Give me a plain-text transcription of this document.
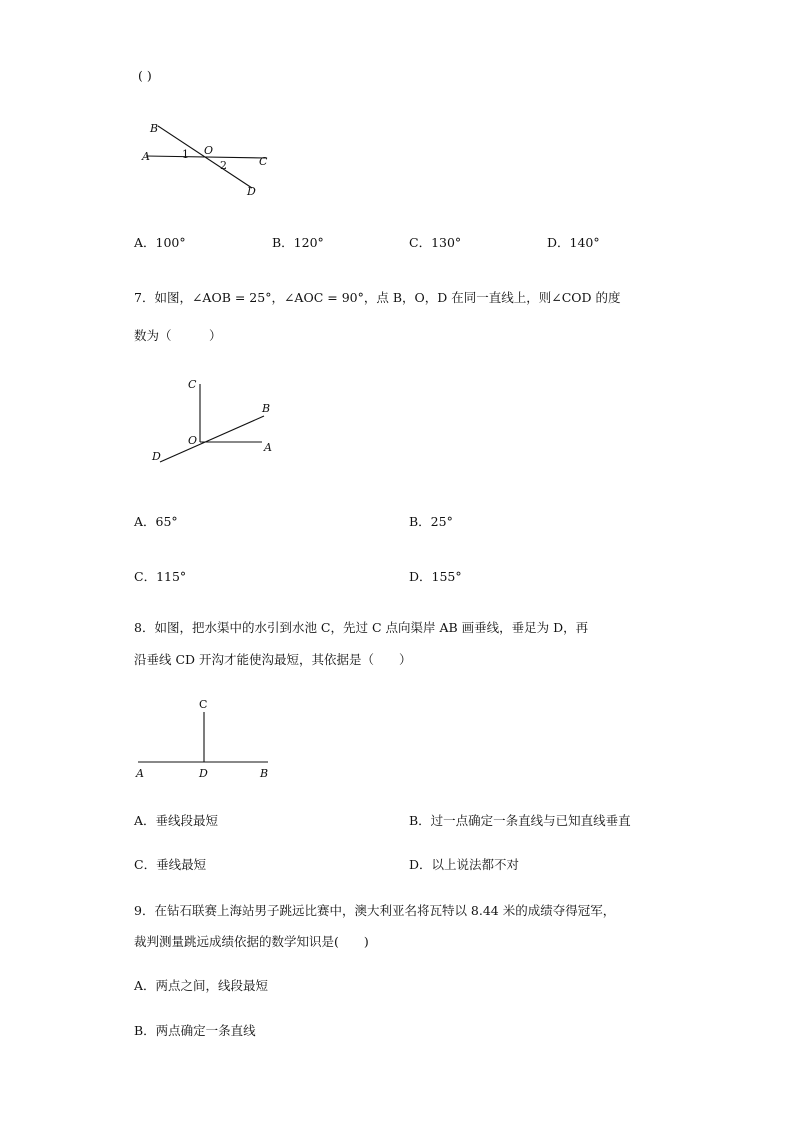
( )
B
A	1 O
2	C
D
A．100°	B．120°	C．130°	D．140°
7．如图，∠AOB = 25°，∠AOC = 90°，点 B，O，D 在同一直线上，则∠COD 的度
数为（　　　）
C
B
O
A
D
A．65°	B．25°
C．115°	D．155°
8．如图，把水渠中的水引到水池 C，先过 C 点向渠岸 AB 画垂线，垂足为 D，再
沿垂线 CD 开沟才能使沟最短，其依据是（　　）
C
A	D	B
A．垂线段最短	B．过一点确定一条直线与已知直线垂直
C．垂线最短	D．以上说法都不对
9．在钻石联赛上海站男子跳远比赛中，澳大利亚名将瓦特以 8.44 米的成绩夺得冠军，
裁判测量跳远成绩依据的数学知识是(　　)
A．两点之间，线段最短
B．两点确定一条直线
